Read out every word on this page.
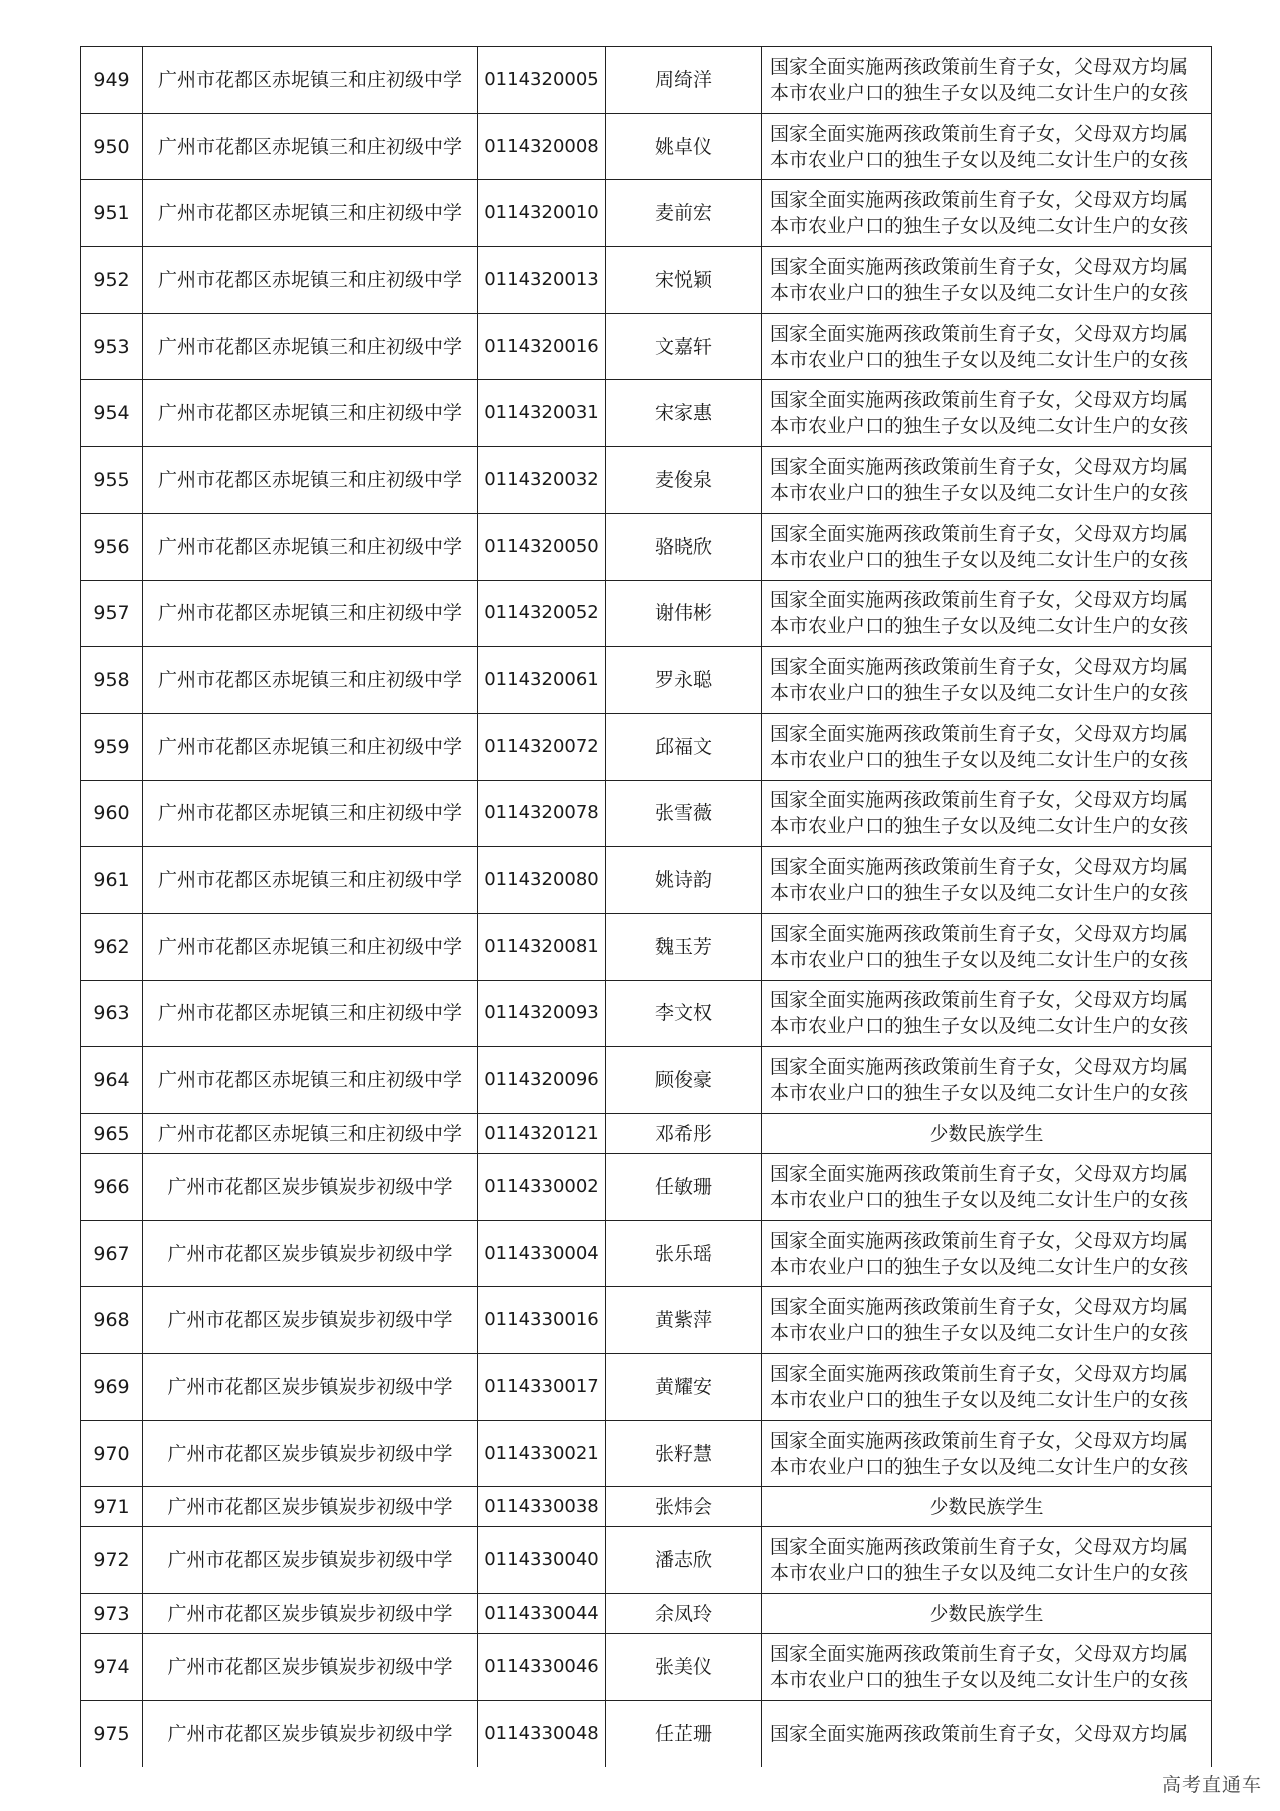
949	广州市花都区赤坭镇三和庄初级中学	0114320005	周绮洋	国家全面实施两孩政策前生育子女，父母双方均属
本市农业户口的独生子女以及纯二女计生户的女孩

950	广州市花都区赤坭镇三和庄初级中学	0114320008	姚卓仪	国家全面实施两孩政策前生育子女，父母双方均属
本市农业户口的独生子女以及纯二女计生户的女孩

951	广州市花都区赤坭镇三和庄初级中学	0114320010	麦前宏	国家全面实施两孩政策前生育子女，父母双方均属
本市农业户口的独生子女以及纯二女计生户的女孩

952	广州市花都区赤坭镇三和庄初级中学	0114320013	宋悦颖	国家全面实施两孩政策前生育子女，父母双方均属
本市农业户口的独生子女以及纯二女计生户的女孩

953	广州市花都区赤坭镇三和庄初级中学	0114320016	文嘉轩	国家全面实施两孩政策前生育子女，父母双方均属
本市农业户口的独生子女以及纯二女计生户的女孩

954	广州市花都区赤坭镇三和庄初级中学	0114320031	宋家惠	国家全面实施两孩政策前生育子女，父母双方均属
本市农业户口的独生子女以及纯二女计生户的女孩

955	广州市花都区赤坭镇三和庄初级中学	0114320032	麦俊泉	国家全面实施两孩政策前生育子女，父母双方均属
本市农业户口的独生子女以及纯二女计生户的女孩

956	广州市花都区赤坭镇三和庄初级中学	0114320050	骆晓欣	国家全面实施两孩政策前生育子女，父母双方均属
本市农业户口的独生子女以及纯二女计生户的女孩

957	广州市花都区赤坭镇三和庄初级中学	0114320052	谢伟彬	国家全面实施两孩政策前生育子女，父母双方均属
本市农业户口的独生子女以及纯二女计生户的女孩

958	广州市花都区赤坭镇三和庄初级中学	0114320061	罗永聪	国家全面实施两孩政策前生育子女，父母双方均属
本市农业户口的独生子女以及纯二女计生户的女孩

959	广州市花都区赤坭镇三和庄初级中学	0114320072	邱福文	国家全面实施两孩政策前生育子女，父母双方均属
本市农业户口的独生子女以及纯二女计生户的女孩

960	广州市花都区赤坭镇三和庄初级中学	0114320078	张雪薇	国家全面实施两孩政策前生育子女，父母双方均属
本市农业户口的独生子女以及纯二女计生户的女孩

961	广州市花都区赤坭镇三和庄初级中学	0114320080	姚诗韵	国家全面实施两孩政策前生育子女，父母双方均属
本市农业户口的独生子女以及纯二女计生户的女孩

962	广州市花都区赤坭镇三和庄初级中学	0114320081	魏玉芳	国家全面实施两孩政策前生育子女，父母双方均属
本市农业户口的独生子女以及纯二女计生户的女孩

963	广州市花都区赤坭镇三和庄初级中学	0114320093	李文权	国家全面实施两孩政策前生育子女，父母双方均属
本市农业户口的独生子女以及纯二女计生户的女孩

964	广州市花都区赤坭镇三和庄初级中学	0114320096	顾俊豪	国家全面实施两孩政策前生育子女，父母双方均属
本市农业户口的独生子女以及纯二女计生户的女孩

965	广州市花都区赤坭镇三和庄初级中学	0114320121	邓希彤	少数民族学生
966	广州市花都区炭步镇炭步初级中学	0114330002	任敏珊	国家全面实施两孩政策前生育子女，父母双方均属
本市农业户口的独生子女以及纯二女计生户的女孩

967	广州市花都区炭步镇炭步初级中学	0114330004	张乐瑶	国家全面实施两孩政策前生育子女，父母双方均属
本市农业户口的独生子女以及纯二女计生户的女孩

968	广州市花都区炭步镇炭步初级中学	0114330016	黄紫萍	国家全面实施两孩政策前生育子女，父母双方均属
本市农业户口的独生子女以及纯二女计生户的女孩

969	广州市花都区炭步镇炭步初级中学	0114330017	黄耀安	国家全面实施两孩政策前生育子女，父母双方均属
本市农业户口的独生子女以及纯二女计生户的女孩

970	广州市花都区炭步镇炭步初级中学	0114330021	张籽慧	国家全面实施两孩政策前生育子女，父母双方均属
本市农业户口的独生子女以及纯二女计生户的女孩

971	广州市花都区炭步镇炭步初级中学	0114330038	张炜会	少数民族学生
972	广州市花都区炭步镇炭步初级中学	0114330040	潘志欣	国家全面实施两孩政策前生育子女，父母双方均属
本市农业户口的独生子女以及纯二女计生户的女孩

973	广州市花都区炭步镇炭步初级中学	0114330044	余凤玲	少数民族学生
974	广州市花都区炭步镇炭步初级中学	0114330046	张美仪	国家全面实施两孩政策前生育子女，父母双方均属
本市农业户口的独生子女以及纯二女计生户的女孩

975	广州市花都区炭步镇炭步初级中学	0114330048	任芷珊	国家全面实施两孩政策前生育子女，父母双方均属
高考直通车
